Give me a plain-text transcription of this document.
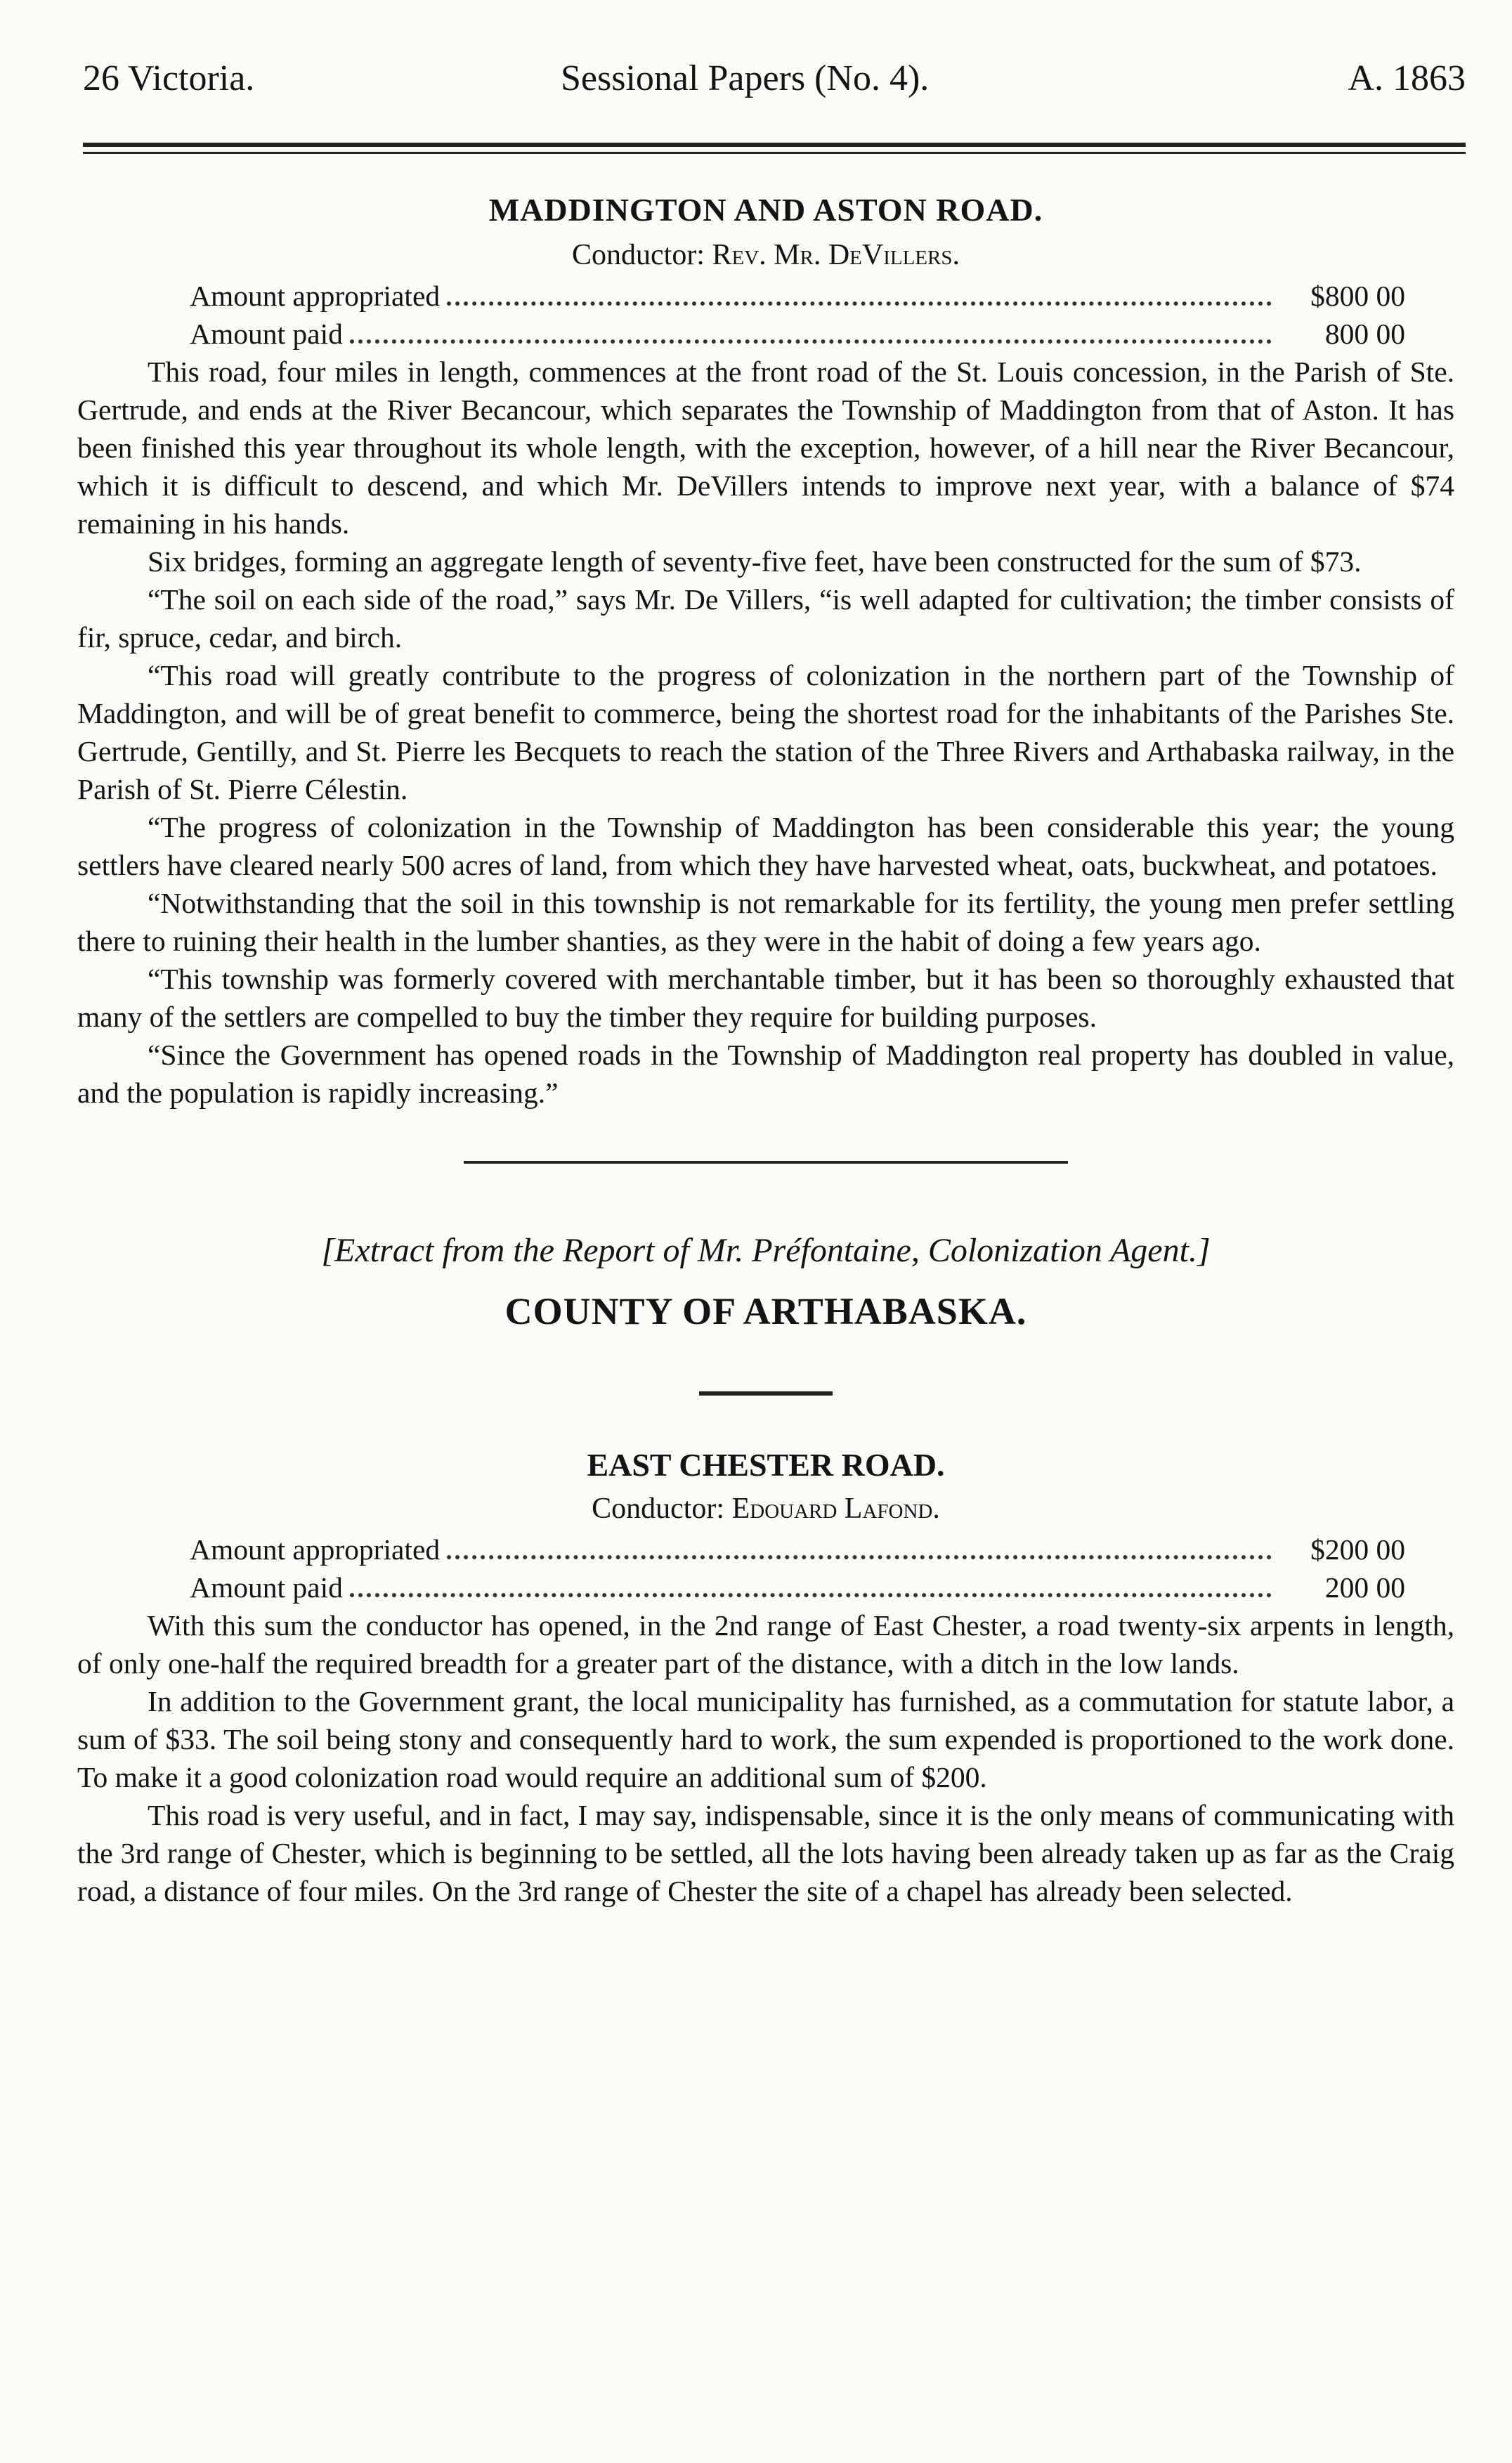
26 Victoria.	Sessional Papers (No. 4).	A. 1863
MADDINGTON AND ASTON ROAD.
Conductor: Rev. Mr. DeVillers.
Amount appropriated	$800 00
Amount paid	800 00

This road, four miles in length, commences at the front road of the St. Louis concession, in the Parish of Ste. Gertrude, and ends at the River Becancour, which separates the Township of Maddington from that of Aston. It has been finished this year throughout its whole length, with the exception, however, of a hill near the River Becancour, which it is difficult to descend, and which Mr. DeVillers intends to improve next year, with a balance of $74 remaining in his hands.

Six bridges, forming an aggregate length of seventy-five feet, have been constructed for the sum of $73.

“The soil on each side of the road,” says Mr. De Villers, “is well adapted for cultivation; the timber consists of fir, spruce, cedar, and birch.

“This road will greatly contribute to the progress of colonization in the northern part of the Township of Maddington, and will be of great benefit to commerce, being the shortest road for the inhabitants of the Parishes Ste. Gertrude, Gentilly, and St. Pierre les Becquets to reach the station of the Three Rivers and Arthabaska railway, in the Parish of St. Pierre Célestin.

“The progress of colonization in the Township of Maddington has been considerable this year; the young settlers have cleared nearly 500 acres of land, from which they have harvested wheat, oats, buckwheat, and potatoes.

“Notwithstanding that the soil in this township is not remarkable for its fertility, the young men prefer settling there to ruining their health in the lumber shanties, as they were in the habit of doing a few years ago.

“This township was formerly covered with merchantable timber, but it has been so thoroughly exhausted that many of the settlers are compelled to buy the timber they require for building purposes.

“Since the Government has opened roads in the Township of Maddington real property has doubled in value, and the population is rapidly increasing.”

[Extract from the Report of Mr. Préfontaine, Colonization Agent.]

COUNTY OF ARTHABASKA.
EAST CHESTER ROAD.
Conductor: Edouard Lafond.
Amount appropriated	$200 00
Amount paid	200 00

With this sum the conductor has opened, in the 2nd range of East Chester, a road twenty-six arpents in length, of only one-half the required breadth for a greater part of the distance, with a ditch in the low lands.

In addition to the Government grant, the local municipality has furnished, as a commutation for statute labor, a sum of $33. The soil being stony and consequently hard to work, the sum expended is proportioned to the work done. To make it a good colonization road would require an additional sum of $200.

This road is very useful, and in fact, I may say, indispensable, since it is the only means of communicating with the 3rd range of Chester, which is beginning to be settled, all the lots having been already taken up as far as the Craig road, a distance of four miles. On the 3rd range of Chester the site of a chapel has already been selected.
